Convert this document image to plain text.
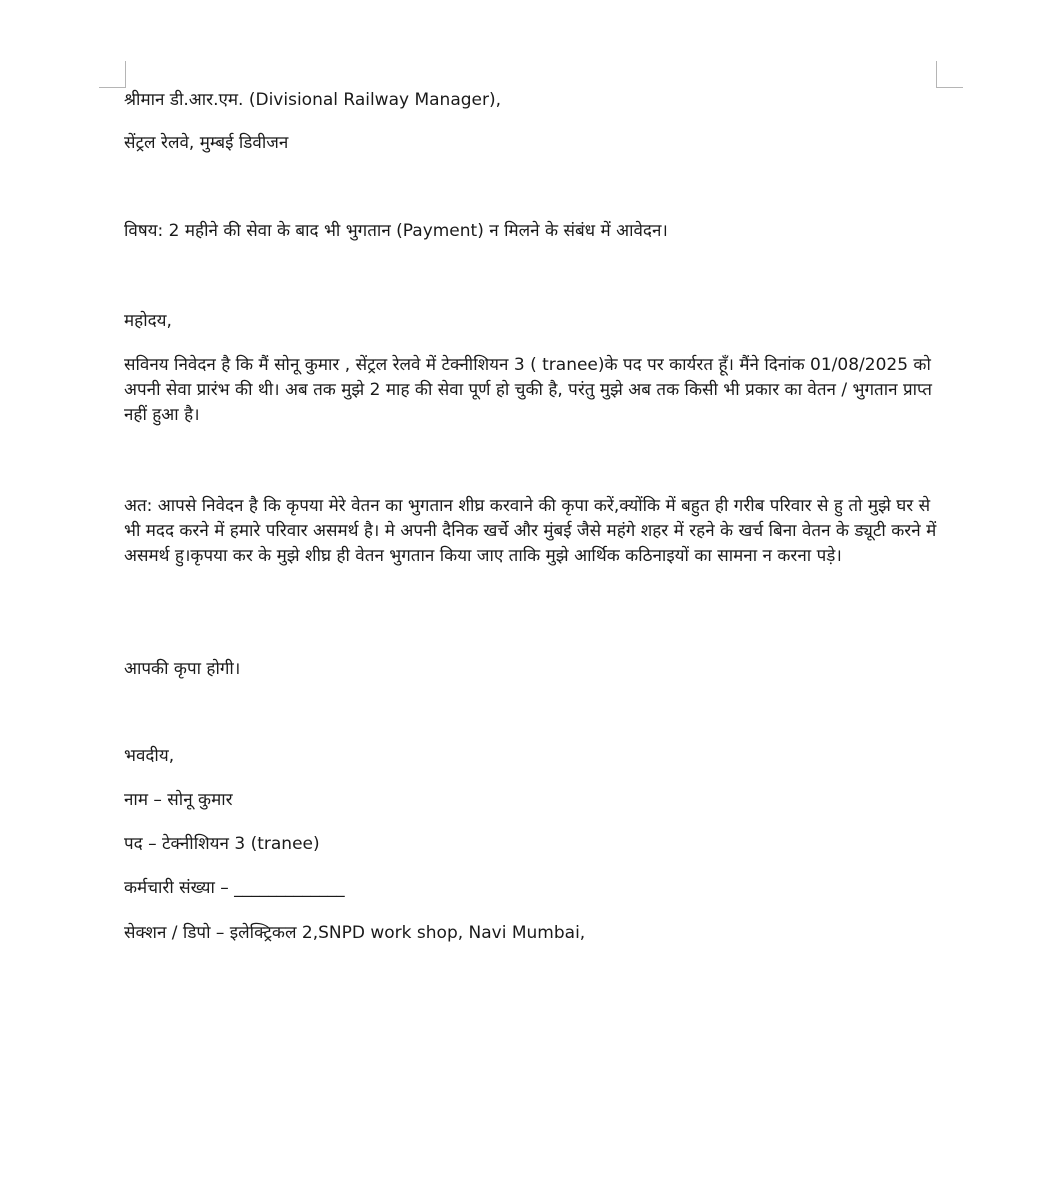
श्रीमान डी.आर.एम. (Divisional Railway Manager),
सेंट्रल रेलवे, मुम्बई डिवीजन
विषय: 2 महीने की सेवा के बाद भी भुगतान (Payment) न मिलने के संबंध में आवेदन।
महोदय,
सविनय निवेदन है कि मैं सोनू कुमार , सेंट्रल रेलवे में टेक्नीशियन 3 ( tranee)के पद पर कार्यरत हूँ। मैंने दिनांक 01/08/2025 को अपनी सेवा प्रारंभ की थी। अब तक मुझे 2 माह की सेवा पूर्ण हो चुकी है, परंतु मुझे अब तक किसी भी प्रकार का वेतन / भुगतान प्राप्त नहीं हुआ है।
अत: आपसे निवेदन है कि कृपया मेरे वेतन का भुगतान शीघ्र करवाने की कृपा करें,क्योंकि में बहुत ही गरीब परिवार से हु तो मुझे घर से भी मदद करने में हमारे परिवार असमर्थ है। मे अपनी दैनिक खर्चे और मुंबई जैसे महंगे शहर में रहने के खर्च बिना वेतन के ड्यूटी करने में असमर्थ हु।कृपया कर के मुझे शीघ्र ही वेतन भुगतान किया जाए ताकि मुझे आर्थिक कठिनाइयों का सामना न करना पड़े।
आपकी कृपा होगी।
भवदीय,
नाम – सोनू कुमार
पद – टेक्नीशियन 3 (tranee)
कर्मचारी संख्या – _____________
सेक्शन / डिपो – इलेक्ट्रिकल 2,SNPD work shop, Navi Mumbai,
